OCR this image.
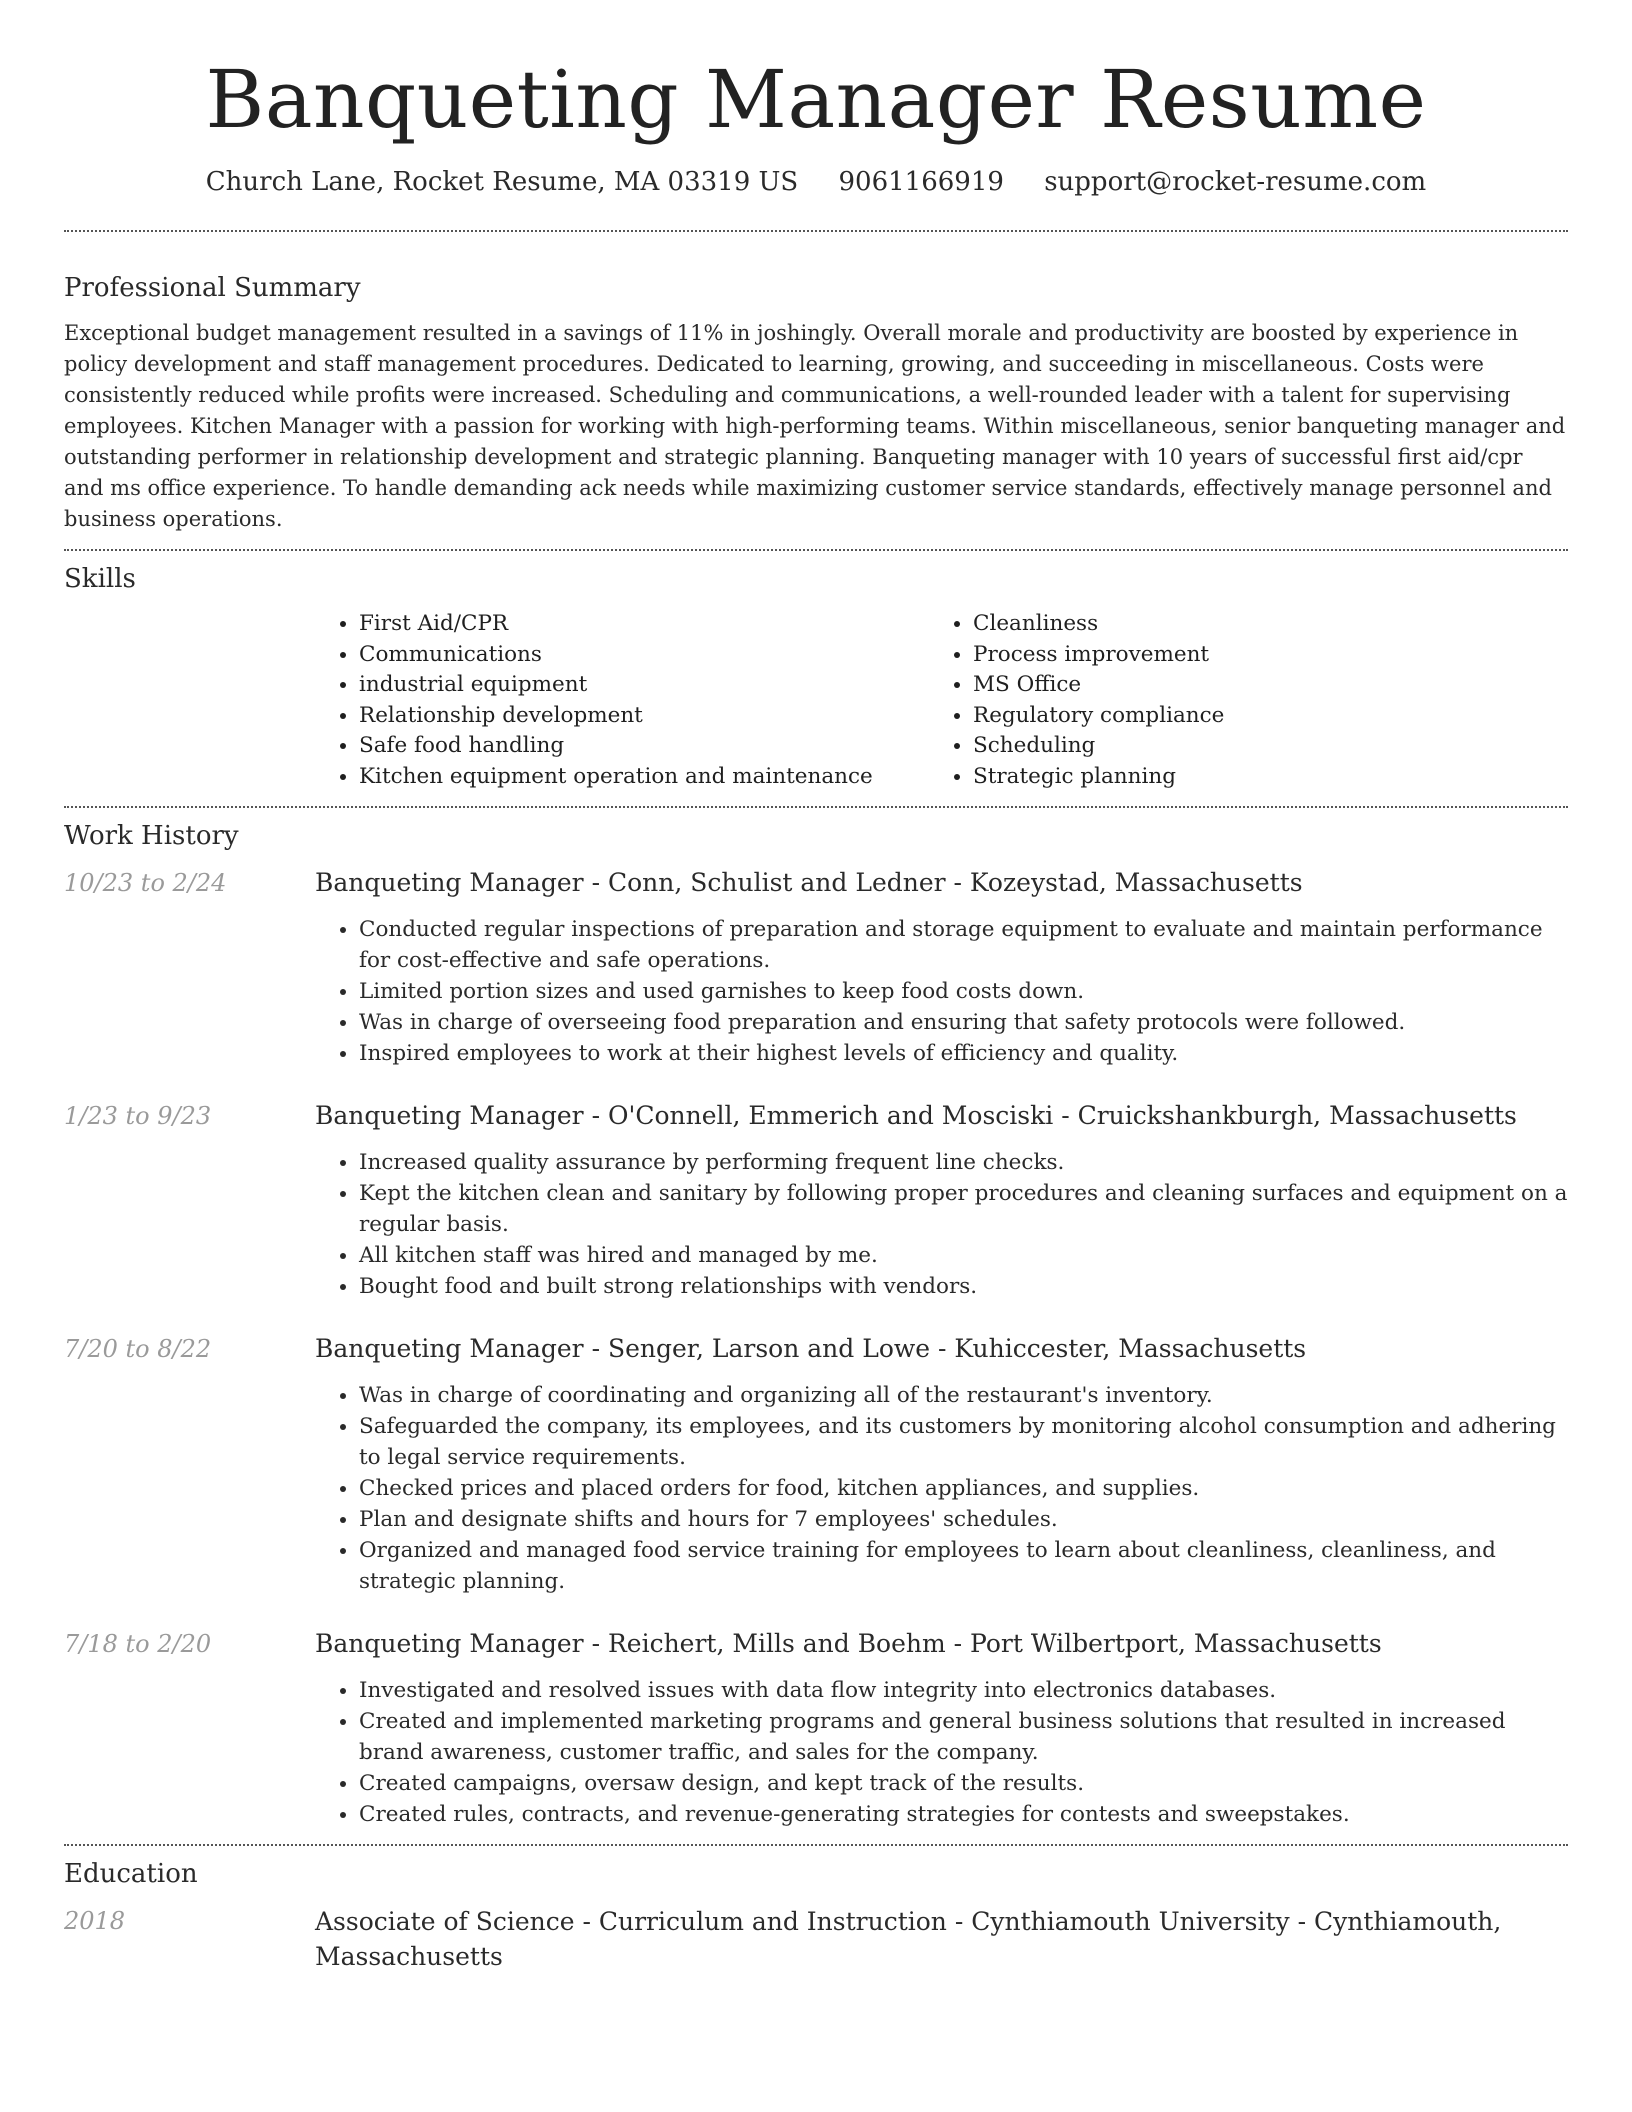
Banqueting Manager Resume
Church Lane, Rocket Resume, MA 03319 US 9061166919 support@rocket-resume.com
Professional Summary

Exceptional budget management resulted in a savings of 11% in joshingly. Overall morale and productivity are boosted by experience in policy development and staff management procedures. Dedicated to learning, growing, and succeeding in miscellaneous. Costs were consistently reduced while profits were increased. Scheduling and communications, a well-rounded leader with a talent for supervising employees. Kitchen Manager with a passion for working with high-performing teams. Within miscellaneous, senior banqueting manager and outstanding performer in relationship development and strategic planning. Banqueting manager with 10 years of successful first aid/cpr and ms office experience. To handle demanding ack needs while maximizing customer service standards, effectively manage personnel and business operations.

Skills
• First Aid/CPR
• Communications
• industrial equipment
• Relationship development
• Safe food handling
• Kitchen equipment operation and maintenance
• Cleanliness
• Process improvement
• MS Office
• Regulatory compliance
• Scheduling
• Strategic planning
Work History
10/23 to 2/24	Banqueting Manager - Conn, Schulist and Ledner - Kozeystad, Massachusetts
• Conducted regular inspections of preparation and storage equipment to evaluate and maintain performance for cost-effective and safe operations.
• Limited portion sizes and used garnishes to keep food costs down.
• Was in charge of overseeing food preparation and ensuring that safety protocols were followed.
• Inspired employees to work at their highest levels of efficiency and quality.
1/23 to 9/23	Banqueting Manager - O'Connell, Emmerich and Mosciski - Cruickshankburgh, Massachusetts
• Increased quality assurance by performing frequent line checks.
• Kept the kitchen clean and sanitary by following proper procedures and cleaning surfaces and equipment on a regular basis.
• All kitchen staff was hired and managed by me.
• Bought food and built strong relationships with vendors.
7/20 to 8/22	Banqueting Manager - Senger, Larson and Lowe - Kuhiccester, Massachusetts
• Was in charge of coordinating and organizing all of the restaurant's inventory.
• Safeguarded the company, its employees, and its customers by monitoring alcohol consumption and adhering to legal service requirements.
• Checked prices and placed orders for food, kitchen appliances, and supplies.
• Plan and designate shifts and hours for 7 employees' schedules.
• Organized and managed food service training for employees to learn about cleanliness, cleanliness, and strategic planning.
7/18 to 2/20	Banqueting Manager - Reichert, Mills and Boehm - Port Wilbertport, Massachusetts
• Investigated and resolved issues with data flow integrity into electronics databases.
• Created and implemented marketing programs and general business solutions that resulted in increased brand awareness, customer traffic, and sales for the company.
• Created campaigns, oversaw design, and kept track of the results.
• Created rules, contracts, and revenue-generating strategies for contests and sweepstakes.
Education
2018	Associate of Science - Curriculum and Instruction - Cynthiamouth University - Cynthiamouth, Massachusetts
